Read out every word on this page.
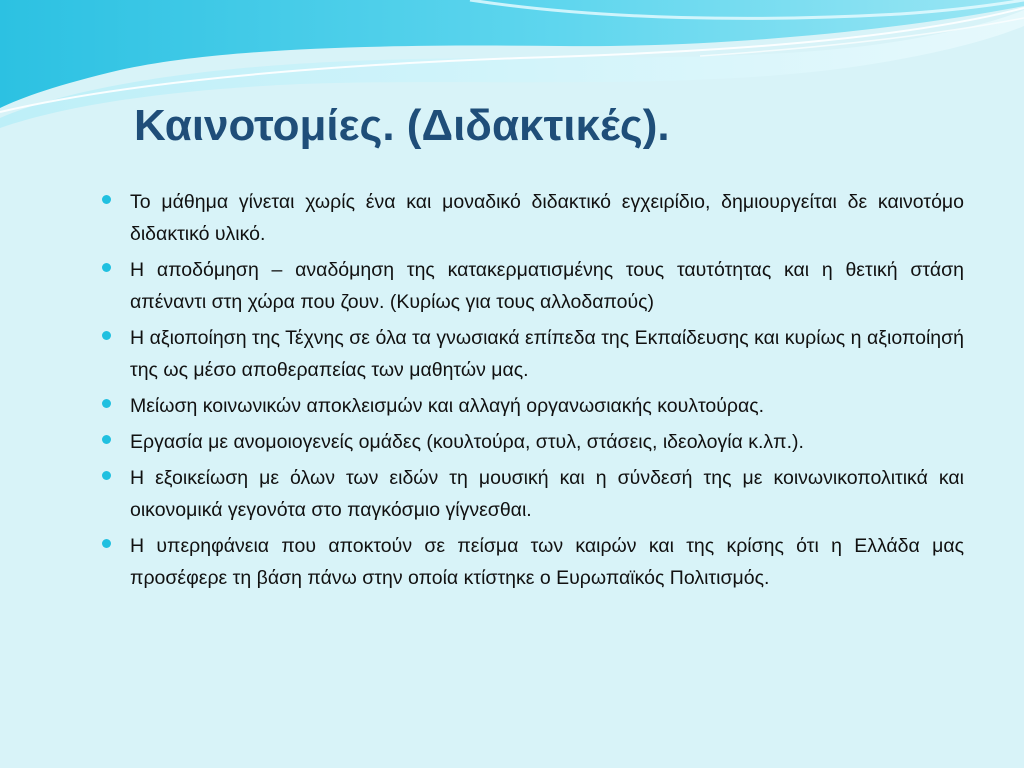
Καινοτομίες. (Διδακτικές).
Το μάθημα γίνεται χωρίς ένα και μοναδικό διδακτικό εγχειρίδιο, δημιουργείται δε καινοτόμο διδακτικό υλικό.
Η αποδόμηση – αναδόμηση της κατακερματισμένης τους ταυτότητας και η θετική στάση απέναντι στη χώρα που ζουν. (Κυρίως για τους αλλοδαπούς)
Η αξιοποίηση της Τέχνης σε όλα τα γνωσιακά επίπεδα της Εκπαίδευσης και κυρίως η αξιοποίησή της ως μέσο αποθεραπείας των μαθητών μας.
Μείωση κοινωνικών αποκλεισμών και αλλαγή οργανωσιακής κουλτούρας.
Εργασία με ανομοιογενείς ομάδες (κουλτούρα, στυλ, στάσεις, ιδεολογία κ.λπ.).
Η εξοικείωση με όλων των ειδών τη μουσική και η σύνδεσή της με κοινωνικοπολιτικά και οικονομικά γεγονότα στο παγκόσμιο γίγνεσθαι.
Η υπερηφάνεια που αποκτούν σε πείσμα των καιρών και της κρίσης ότι η Ελλάδα μας προσέφερε τη βάση πάνω στην οποία κτίστηκε ο Ευρωπαϊκός Πολιτισμός.
